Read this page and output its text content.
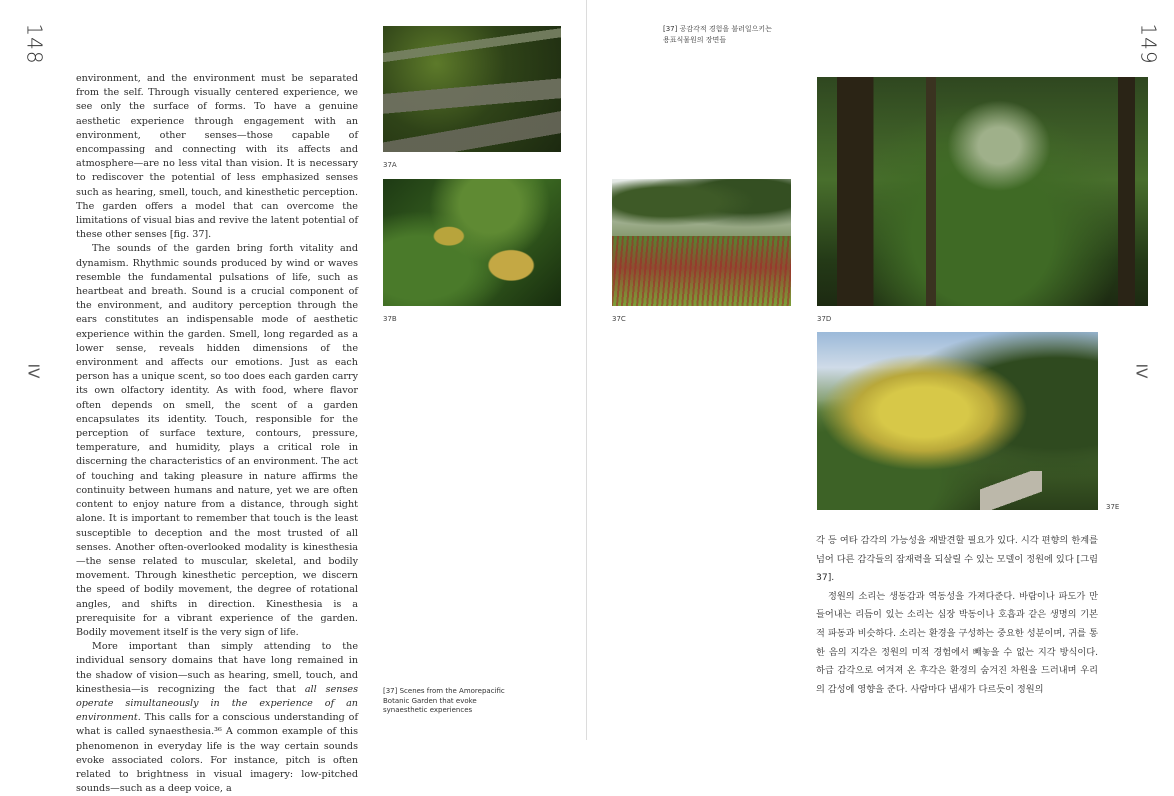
148
IV

environment, and the environment must be separated from the self. Through visually centered experience, we see only the surface of forms. To have a genuine aesthetic experience through engagement with an environment, other senses—those capable of encompassing and connecting with its affects and atmosphere—are no less vital than vision. It is necessary to rediscover the potential of less emphasized senses such as hearing, smell, touch, and kinesthetic perception. The garden offers a model that can overcome the limitations of visual bias and revive the latent potential of these other senses [fig. 37].

The sounds of the garden bring forth vitality and dynamism. Rhythmic sounds produced by wind or waves resemble the fundamental pulsations of life, such as heartbeat and breath. Sound is a crucial component of the environment, and auditory perception through the ears constitutes an indispensable mode of aesthetic experience within the garden. Smell, long regarded as a lower sense, reveals hidden dimensions of the environment and affects our emotions. Just as each person has a unique scent, so too does each garden carry its own olfactory identity. As with food, where flavor often depends on smell, the scent of a garden encapsulates its identity. Touch, responsible for the perception of surface texture, contours, pressure, temperature, and humidity, plays a critical role in discerning the characteristics of an environment. The act of touching and taking pleasure in nature affirms the continuity between humans and nature, yet we are often content to enjoy nature from a distance, through sight alone. It is important to remember that touch is the least susceptible to deception and the most trusted of all senses. Another often-overlooked modality is kinesthesia—the sense related to muscular, skeletal, and bodily movement. Through kinesthetic perception, we discern the speed of bodily movement, the degree of rotational angles, and shifts in direction. Kinesthesia is a prerequisite for a vibrant experience of the garden. Bodily movement itself is the very sign of life.

More important than simply attending to the individual sensory domains that have long remained in the shadow of vision—such as hearing, smell, touch, and kinesthesia—is recognizing the fact that all senses operate simultaneously in the experience of an environment. This calls for a conscious understanding of what is called synaesthesia.³⁶ A common example of this phenomenon in everyday life is the way certain sounds evoke associated colors. For instance, pitch is often related to brightness in visual imagery: low-pitched sounds—such as a deep voice, a

37A
37B
[37] Scenes from the Amorepacific
Botanic Garden that evoke
synaesthetic experiences
149
IV
[37] 공감각적 경험을 불러일으키는
용표식물원의 장면들
37C	37D
37E

각 등 여타 감각의 가능성을 재발견할 필요가 있다. 시각 편향의 한계를 넘어 다른 감각들의 잠재력을 되살릴 수 있는 모델이 정원에 있다 [그림 37].

정원의 소리는 생동감과 역동성을 가져다준다. 바람이나 파도가 만들어내는 리듬이 있는 소리는 심장 박동이나 호흡과 같은 생명의 기본적 파동과 비슷하다. 소리는 환경을 구성하는 중요한 성분이며, 귀를 통한 음의 지각은 정원의 미적 경험에서 빼놓을 수 없는 지각 방식이다. 하급 감각으로 여겨져 온 후각은 환경의 숨겨진 차원을 드러내며 우리의 감성에 영향을 준다. 사람마다 냄새가 다르듯이 정원의
